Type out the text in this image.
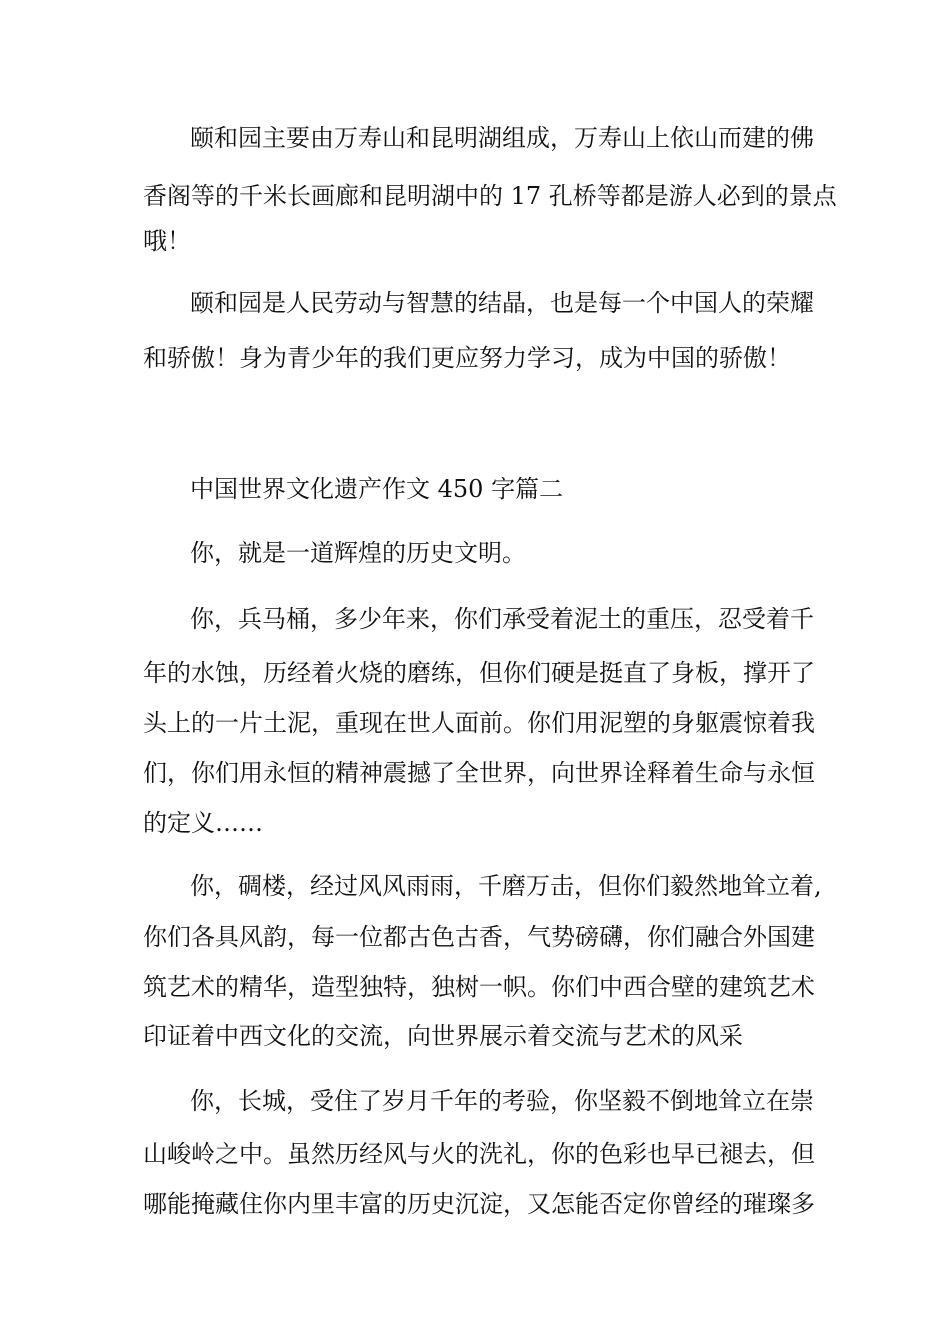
颐和园主要由万寿山和昆明湖组成，万寿山上依山而建的佛
香阁等的千米长画廊和昆明湖中的 17 孔桥等都是游人必到的景点
哦！
颐和园是人民劳动与智慧的结晶，也是每一个中国人的荣耀
和骄傲！身为青少年的我们更应努力学习，成为中国的骄傲！
中国世界文化遗产作文 450 字篇二
你，就是一道辉煌的历史文明。
你，兵马桶，多少年来，你们承受着泥土的重压，忍受着千
年的水蚀，历经着火烧的磨练，但你们硬是挺直了身板，撑开了
头上的一片土泥，重现在世人面前。你们用泥塑的身躯震惊着我
们，你们用永恒的精神震撼了全世界，向世界诠释着生命与永恒
的定义……
你，碉楼，经过风风雨雨，千磨万击，但你们毅然地耸立着,
你们各具风韵，每一位都古色古香，气势磅礴，你们融合外国建
筑艺术的精华，造型独特，独树一帜。你们中西合壁的建筑艺术
印证着中西文化的交流，向世界展示着交流与艺术的风采
你，长城，受住了岁月千年的考验，你坚毅不倒地耸立在崇
山峻岭之中。虽然历经风与火的洗礼，你的色彩也早已褪去，但
哪能掩藏住你内里丰富的历史沉淀，又怎能否定你曾经的璀璨多
